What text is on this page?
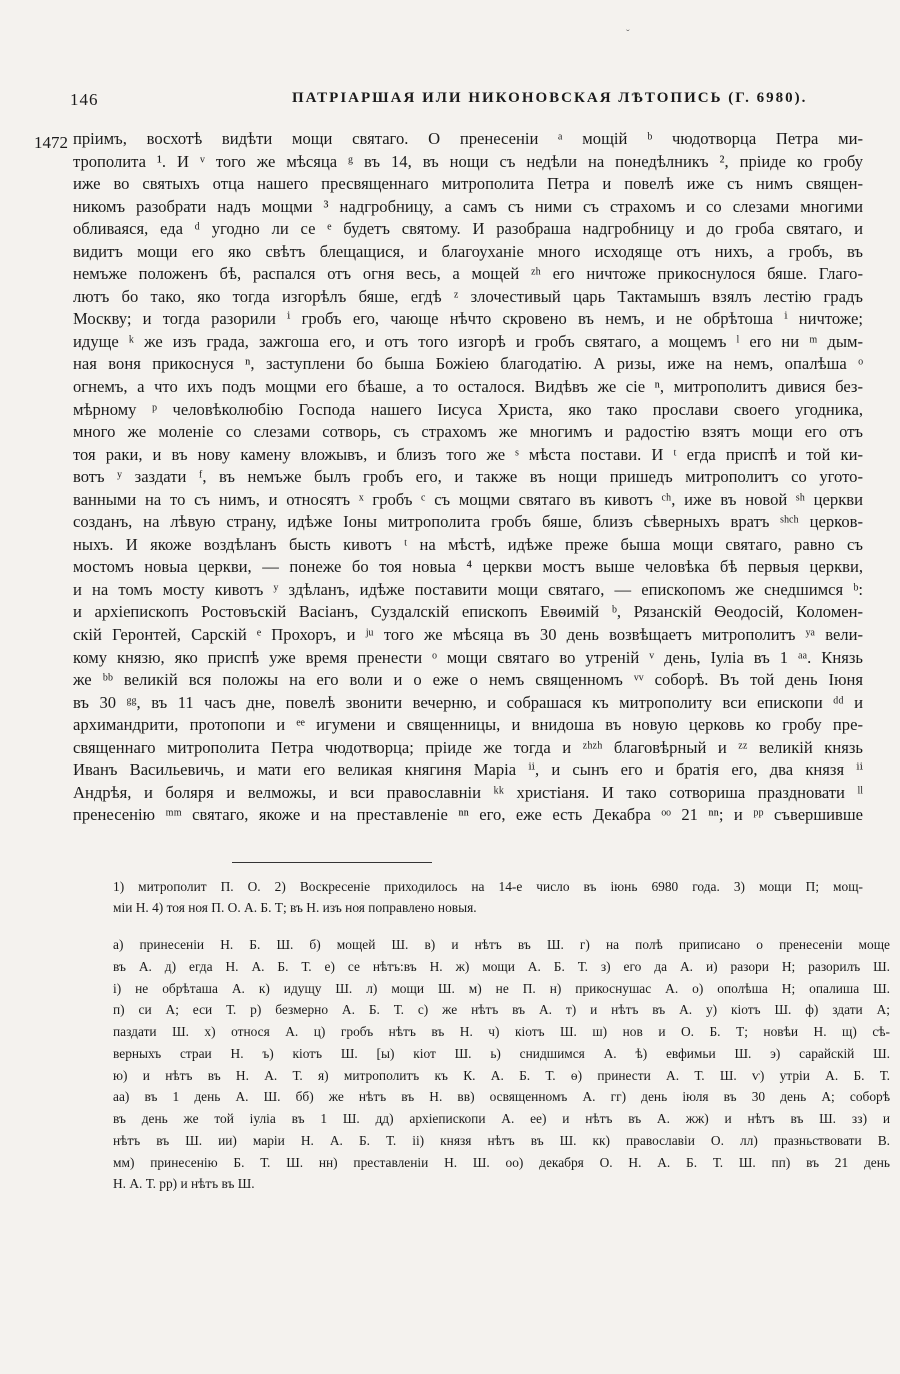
ˇ
146	ПАТРІАРШАЯ ИЛИ НИКОНОВСКАЯ ЛѢТОПИСЬ (Г. 6980).
1472 пріимъ, восхотѣ видѣти мощи святаго. О пренесеніи ᵃ мощій ᵇ чюдотворца Петра ми-
трополита ¹. И ᵛ того же мѣсяца ᵍ въ 14, въ нощи съ недѣли на понедѣлникъ ², пріиде ко гробу
иже во святыхъ отца нашего пресвященнаго митрополита Петра и повелѣ иже съ нимъ священ-
никомъ разобрати надъ мощми ³ надгробницу, а самъ съ ними съ страхомъ и со слезами многими
обливаяся, еда ᵈ угодно ли се ᵉ будетъ святому. И разобраша надгробницу и до гроба святаго, и
видитъ мощи его яко свѣтъ блещащися, и благоуханіе много исходяще отъ нихъ, а гробъ, въ
немъже положенъ бѣ, распался отъ огня весь, а мощей ᶻʰ его ничтоже прикоснулося бяше. Глаго-
лютъ бо тако, яко тогда изгорѣлъ бяше, егдѣ ᶻ злочестивый царь Тактамышъ взялъ лестію градъ
Москву; и тогда разорили ⁱ гробъ его, чающе нѣчто скровено въ немъ, и не обрѣтоша ⁱ ничтоже;
идуще ᵏ же изъ града, зажгоша его, и отъ того изгорѣ и гробъ святаго, а мощемъ ˡ его ни ᵐ дым-
ная воня прикоснуся ⁿ, заступлени бо быша Божіею благодатію. А ризы, иже на немъ, опалѣша ᵒ
огнемъ, а что ихъ подъ мощми его бѣаше, а то осталося. Видѣвъ же сіе ⁿ, митрополитъ дивися без-
мѣрному ᵖ человѣколюбію Господа нашего Іисуса Христа, яко тако прослави своего угодника,
много же моленіе со слезами сотворь, съ страхомъ же многимъ и радостію взятъ мощи его отъ
тоя раки, и въ нову камену вложывъ, и близъ того же ˢ мѣста постави. И ᵗ егда приспѣ и той ки-
вотъ ʸ заздати ᶠ, въ немъже былъ гробъ его, и также въ нощи пришедъ митрополитъ со угото-
ванными на то съ нимъ, и относятъ ˣ гробъ ᶜ съ мощми святаго въ кивотъ ᶜʰ, иже въ новой ˢʰ церкви
созданъ, на лѣвую страну, идѣже Іоны митрополита гробъ бяше, близъ сѣверныхъ вратъ ˢʰᶜʰ церков-
ныхъ. И якоже воздѣланъ бысть кивотъ ᵗ на мѣстѣ, идѣже преже быша мощи святаго, равно съ
мостомъ новыа церкви, — понеже бо тоя новыа ⁴ церкви мостъ выше человѣка бѣ первыя церкви,
и на томъ мосту кивотъ ʸ здѣланъ, идѣже поставити мощи святаго, — епископомъ же снедшимся ᵇ:
и архіепископъ Ростовъскій Васіанъ, Суздалскій епископъ Евѳимій ᵇ, Рязанскій Ѳеодосій, Коломен-
скій Геронтей, Сарскій ᵉ Прохоръ, и ʲᵘ того же мѣсяца въ 30 день возвѣщаетъ митрополитъ ʸᵃ вели-
кому князю, яко приспѣ уже время пренести ᵒ мощи святаго во утреній ᵛ день, Іуліа въ 1 ᵃᵃ. Князь
же ᵇᵇ великій вся положы на его воли и о еже о немъ священномъ ᵛᵛ соборѣ. Въ той день Іюня
въ 30 ᵍᵍ, въ 11 часъ дне, повелѣ звонити вечерню, и собрашася къ митрополиту вси епископи ᵈᵈ и
архимандрити, протопопи и ᵉᵉ игумени и священницы, и внидоша въ новую церковь ко гробу пре-
священнаго митрополита Петра чюдотворца; пріиде же тогда и ᶻʰᶻʰ благовѣрный и ᶻᶻ великій князь
Иванъ Васильевичь, и мати его великая княгиня Маріа ⁱⁱ, и сынъ его и братія его, два князя ⁱⁱ
Андрѣя, и боляря и велможы, и вси православніи ᵏᵏ христіаня. И тако сотвориша праздновати ˡˡ
пренесенію ᵐᵐ святаго, якоже и на преставленіе ⁿⁿ его, еже есть Декабра ᵒᵒ 21 ⁿⁿ; и ᵖᵖ съвершивше
1) митрополит П. О. 2) Воскресеніе приходилось на 14-е число въ іюнь 6980 года. 3) мощи П; мощ-
міи Н. 4) тоя ноя П. О. А. Б. Т; въ Н. изъ ноя поправлено новыя.
а) принесеніи Н. Б. Ш. б) мощей Ш. в) и нѣтъ въ Ш. г) на полѣ приписано о пренесеніи моще
въ А. д) егда Н. А. Б. Т. е) се нѣтъ:въ Н. ж) мощи А. Б. Т. з) его да А. и) разори Н; разорилъ Ш.
і) не обрѣташа А. к) идущу Ш. л) мощи Ш. м) не П. н) прикоснушас А. о) ополѣша Н; опалиша Ш.
п) си А; еси Т. р) безмерно А. Б. Т. с) же нѣтъ въ А. т) и нѣтъ въ А. у) кіотъ Ш. ф) здати А;
паздати Ш. х) относя А. ц) гробъ нѣтъ въ Н. ч) кіотъ Ш. ш) нов и О. Б. Т; новѣи Н. щ) сѣ-
верныхъ страи Н. ъ) кіотъ Ш. [ы) кіот Ш. ь) снидшимся А. ѣ) евфимьи Ш. э) сарайскій Ш.
ю) и нѣтъ въ Н. А. Т. я) митрополитъ къ К. А. Б. Т. ѳ) принести А. Т. Ш. ѵ) утріи А. Б. Т.
аа) въ 1 день А. Ш. бб) же нѣтъ въ Н. вв) освященномъ А. гг) день іюля въ 30 день А; соборѣ
въ день же той іуліа въ 1 Ш. дд) архіепископи А. ее) и нѣтъ въ А. жж) и нѣтъ въ Ш. зз) и
нѣтъ въ Ш. ии) маріи Н. А. Б. Т. іі) князя нѣтъ въ Ш. кк) православіи О. лл) празньствовати В.
мм) принесенію Б. Т. Ш. нн) преставленіи Н. Ш. оо) декабря О. Н. А. Б. Т. Ш. пп) въ 21 день
Н. А. Т. рр) и нѣтъ въ Ш.
